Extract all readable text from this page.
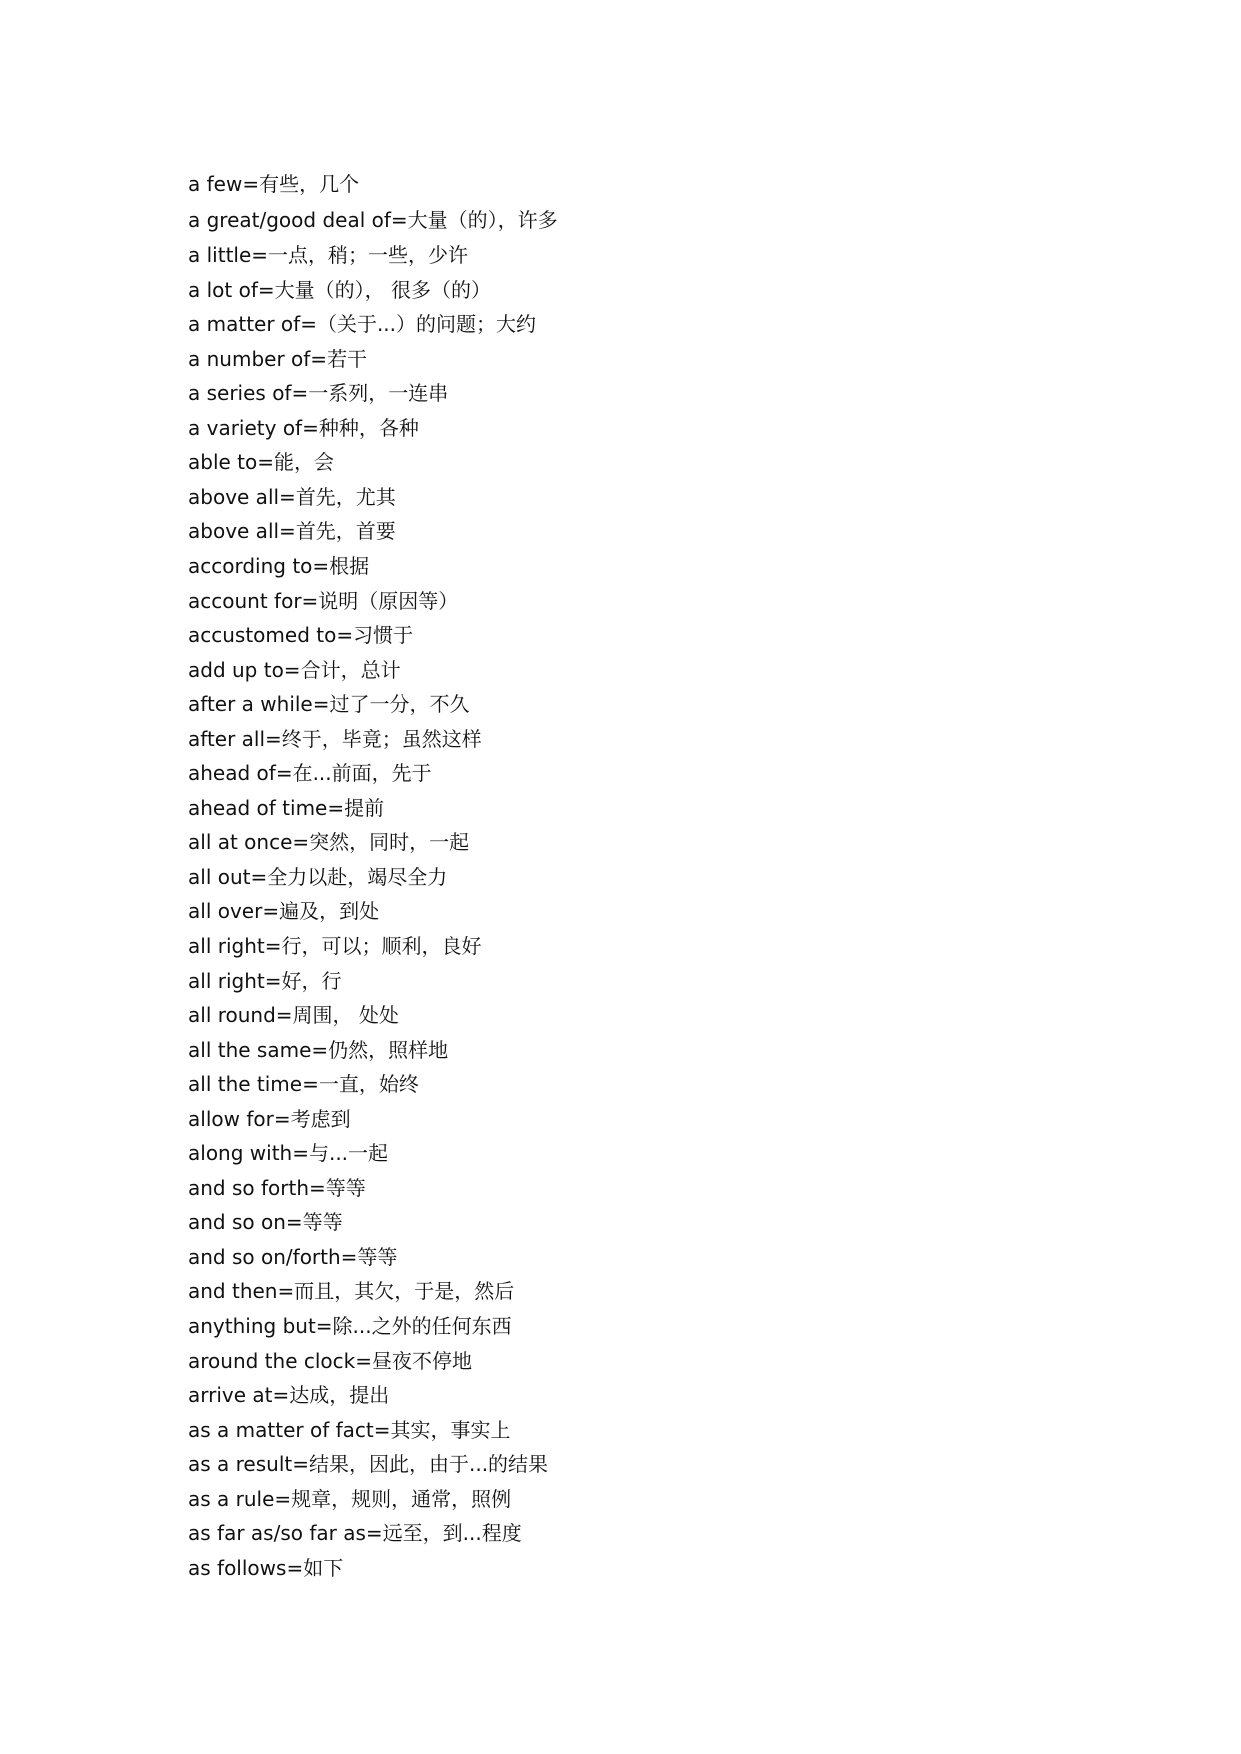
a few=有些，几个
a great/good deal of=大量（的），许多
a little=一点，稍；一些，少许
a lot of=大量（的）， 很多（的）
a matter of=（关于...）的问题；大约
a number of=若干
a series of=一系列，一连串
a variety of=种种，各种
able to=能，会
above all=首先，尤其
above all=首先，首要
according to=根据
account for=说明（原因等）
accustomed to=习惯于
add up to=合计，总计
after a while=过了一分，不久
after all=终于，毕竟；虽然这样
ahead of=在...前面，先于
ahead of time=提前
all at once=突然，同时，一起
all out=全力以赴，竭尽全力
all over=遍及，到处
all right=行，可以；顺利，良好
all right=好，行
all round=周围， 处处
all the same=仍然，照样地
all the time=一直，始终
allow for=考虑到
along with=与...一起
and so forth=等等
and so on=等等
and so on/forth=等等
and then=而且，其欠，于是，然后
anything but=除...之外的任何东西
around the clock=昼夜不停地
arrive at=达成，提出
as a matter of fact=其实，事实上
as a result=结果，因此，由于...的结果
as a rule=规章，规则，通常，照例
as far as/so far as=远至，到...程度
as follows=如下
